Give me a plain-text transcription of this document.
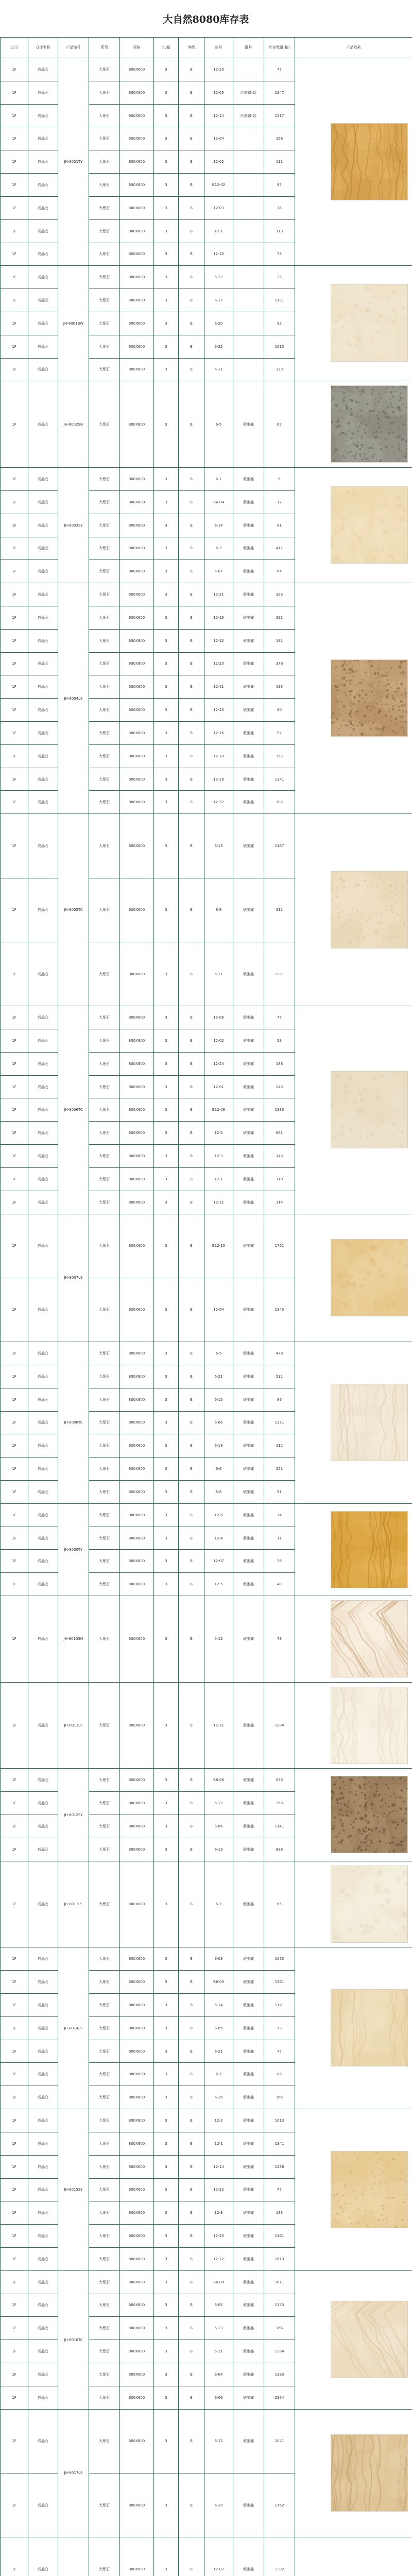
大自然8080库存表
公司	仓库名称	产品编号	系列	规格	片/箱	等级	色号	批号	库存数量(箱)	产品效果
1F	成品仓	JH-8001TY	大理石	800X800	3	B	12-20		77	
1F	成品仓		大理石	800X800	3	B	12-05	欣雅鑫(1)	1247	
1F	成品仓		大理石	800X800	3	B	12-14	欣雅鑫(2)	1217	
1F	成品仓		大理石	800X800	3	B	12-04		166	
1F	成品仓		大理石	800X800	3	B	12-02		111	
1F	成品仓		大理石	800X800	3	B	B12-02		95	
1F	成品仓		大理石	800X800	3	B	12-03		76	
1F	成品仓		大理石	800X800	3	B	12-1		113	
1F	成品仓		大理石	800X800	3	B	12-10		73	
1F	成品仓	JH-8001BW	大理石	800X800	3	B	6-12		35	
1F	成品仓		大理石	800X800	3	B	6-17		1131	
1F	成品仓		大理石	800X800	3	B	6-20		92	
1F	成品仓		大理石	800X800	3	B	6-22		1613	
1F	成品仓		大理石	800X800	3	B	6-11		123	
1F	成品仓	JH-8002SH	大理石	800X800	3	B	6-5	欣雅鑫	62	
1F	成品仓	JH-8003SY	大理石	800X800	3	B	6-1	欣雅鑫	6	
1F	成品仓		大理石	800X800	3	B	B6-04	欣雅鑫	12	
1F	成品仓		大理石	800X800	3	B	6-14	欣雅鑫	81	
1F	成品仓		大理石	800X800	3	B	6-3	欣雅鑫	411	
1F	成品仓		大理石	800X800	3	B	5-07	欣雅鑫	64	
1F	成品仓	JH-8004LS	大理石	800X800	3	B	12-21	欣雅鑫	283	
1F	成品仓		大理石	800X800	3	B	12-13	欣雅鑫	292	
1F	成品仓		大理石	800X800	3	B	12-12	欣雅鑫	191	
1F	成品仓		大理石	800X800	3	B	12-20	欣雅鑫	376	
1F	成品仓		大理石	800X800	3	B	12-11	欣雅鑫	133	
1F	成品仓		大理石	800X800	3	B	12-23	欣雅鑫	80	
1F	成品仓		大理石	800X800	3	B	12-16	欣雅鑫	92	
1F	成品仓		大理石	800X800	3	B	12-10	欣雅鑫	157	
1F	成品仓		大理石	800X800	3	B	12-18	欣雅鑫	1341	
1F	成品仓		大理石	800X800	3	B	12-22	欣雅鑫	102	
1F	成品仓	JH-8005TC	大理石	800X800	3	B	6-13	欣雅鑫	1167	
1F	成品仓		大理石	800X800	3	B	6-8	欣雅鑫	311	
1F	成品仓		大理石	800X800	3	B	6-11	欣雅鑫	2231	
1F	成品仓	JH-8006TC	大理石	800X800	3	B	12-06	欣雅鑫	75	
1F	成品仓		大理石	800X800	3	B	12-02	欣雅鑫	28	
1F	成品仓		大理石	800X800	3	B	12-24	欣雅鑫	188	
1F	成品仓		大理石	800X800	3	B	12-01	欣雅鑫	243	
1F	成品仓		大理石	800X800	3	B	B12-06	欣雅鑫	1383	
1F	成品仓		大理石	800X800	3	B	12-2	欣雅鑫	661	
1F	成品仓		大理石	800X800	3	B	12-3	欣雅鑫	143	
1F	成品仓		大理石	800X800	3	B	12-1	欣雅鑫	118	
1F	成品仓		大理石	800X800	3	B	12-11	欣雅鑫	114	
1F	成品仓	JH-8007LS	大理石	800X800	3	B	B12-15	欣雅鑫	1761	
1F	成品仓		大理石	800X800	3	B	12-04	欣雅鑫	1343	
1F	成品仓	JH-8008TC	大理石	800X800	3	B	6-5	欣雅鑫	478	
1F	成品仓		大理石	800X800	3	B	6-21	欣雅鑫	531	
1F	成品仓		大理石	800X800	3	B	6-15	欣雅鑫	86	
1F	成品仓		大理石	800X800	3	B	6-06	欣雅鑫	1221	
1F	成品仓		大理石	800X800	3	B	6-18	欣雅鑫	112	
1F	成品仓		大理石	800X800	3	B	6-6	欣雅鑫	221	
1F	成品仓		大理石	800X800	3	B	6-8	欣雅鑫	91	
1F	成品仓	JH-8009TY	大理石	800X800	3	B	12-8	欣雅鑫	74	
1F	成品仓		大理石	800X800	3	B	12-4	欣雅鑫	11	
1F	成品仓		大理石	800X800	3	B	12-07	欣雅鑫	36	
1F	成品仓		大理石	800X800	3	B	12-5	欣雅鑫	48	
1F	成品仓	JH-8010SH	大理石	800X800	3	B	5-12	欣雅鑫	78	
1F	成品仓	JH-8011LS	大理石	800X800	3	B	12-21	欣雅鑫	1284	
1F	成品仓	JH-8012SY	大理石	800X800	3	B	B6-06	欣雅鑫	673	
1F	成品仓		大理石	800X800	3	B	6-12	欣雅鑫	263	
1F	成品仓		大理石	800X800	3	B	6-06	欣雅鑫	1141	
1F	成品仓		大理石	800X800	3	B	6-13	欣雅鑫	886	
1F	成品仓	JH-8013LS	大理石	800X800	3	B	6-2	欣雅鑫	65	
1F	成品仓	JH-8014LS	大理石	800X800	3	B	6-03	欣雅鑫	1063	
1F	成品仓		大理石	800X800	3	B	B6-03	欣雅鑫	1361	
1F	成品仓		大理石	800X800	3	B	6-14	欣雅鑫	1121	
1F	成品仓		大理石	800X800	3	B	6-05	欣雅鑫	73	
1F	成品仓		大理石	800X800	3	B	6-21	欣雅鑫	77	
1F	成品仓		大理石	800X800	3	B	6-1	欣雅鑫	86	
1F	成品仓		大理石	800X800	3	B	6-16	欣雅鑫	165	
1F	成品仓	JH-8015SY	大理石	800X800	3	B	12-2	欣雅鑫	1613	
1F	成品仓		大理石	800X800	3	B	12-1	欣雅鑫	1341	
1F	成品仓		大理石	800X800	3	B	12-14	欣雅鑫	1288	
1F	成品仓		大理石	800X800	3	B	12-22	欣雅鑫	77	
1F	成品仓		大理石	800X800	3	B	12-8	欣雅鑫	183	
1F	成品仓		大理石	800X800	3	B	12-20	欣雅鑫	1161	
1F	成品仓		大理石	800X800	3	B	12-12	欣雅鑫	1613	
1F	成品仓	JH-8016TC	大理石	800X800	3	B	B6-08	欣雅鑫	1611	
1F	成品仓		大理石	800X800	3	B	6-05	欣雅鑫	1353	
1F	成品仓		大理石	800X800	3	B	6-13	欣雅鑫	166	
1F	成品仓		大理石	800X800	3	B	6-21	欣雅鑫	1384	
1F	成品仓		大理石	800X800	3	B	6-04	欣雅鑫	1383	
1F	成品仓		大理石	800X800	3	B	6-06	欣雅鑫	2164	
1F	成品仓	JH-8017LS	大理石	800X800	3	B	6-12	欣雅鑫	1041	
1F	成品仓		大理石	800X800	3	B	6-10	欣雅鑫	1762	
1F	成品仓		大理石	800X800	3	B	12-02	欣雅鑫	1382	
